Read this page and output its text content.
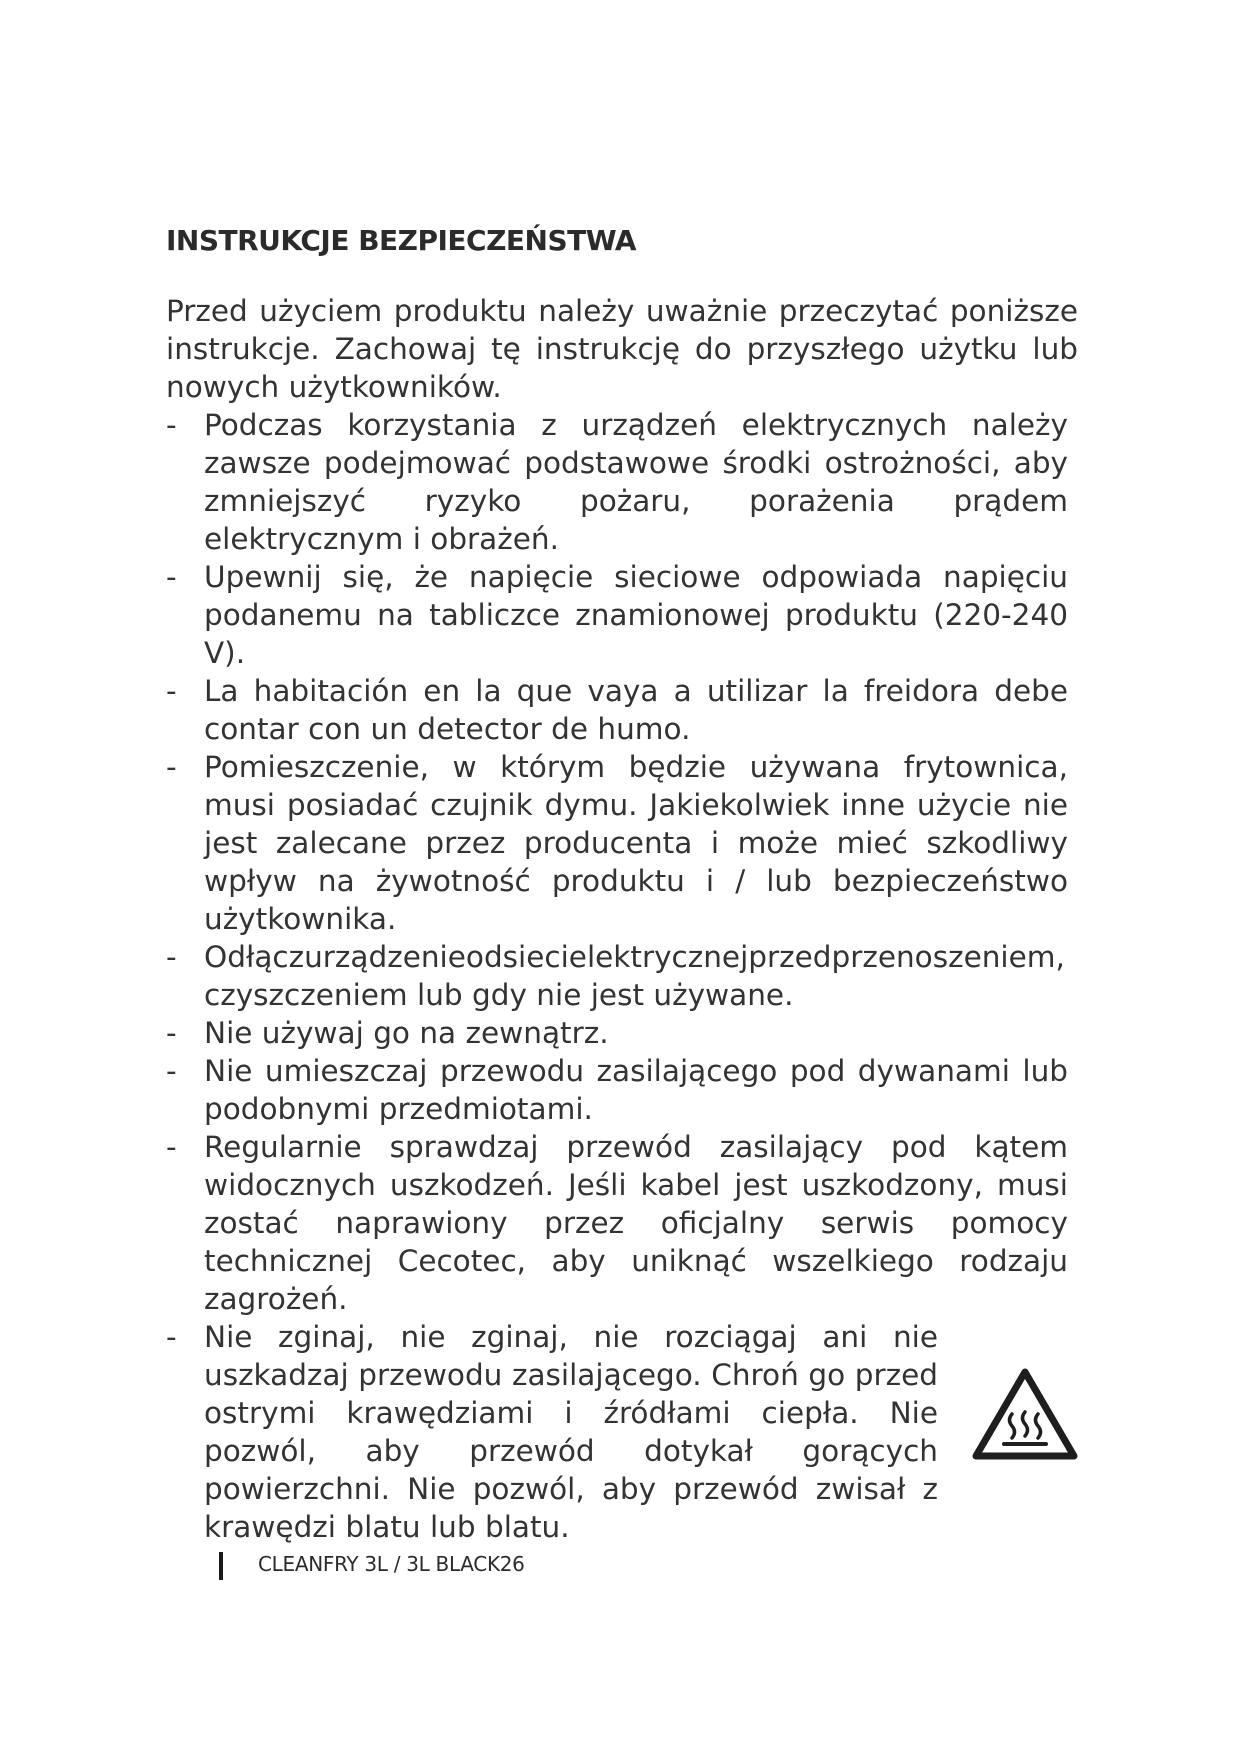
INSTRUKCJE BEZPIECZEŃSTWA

Przed użyciem produktu należy uważnie przeczytać poniższe instrukcje. Zachowaj tę instrukcję do przyszłego użytku lub nowych użytkowników.

- Podczas korzystania z urządzeń elektrycznych należy zawsze podejmować podstawowe środki ostrożności, aby zmniejszyć ryzyko pożaru, porażenia prądem elektrycznym i obrażeń.
- Upewnij się, że napięcie sieciowe odpowiada napięciu podanemu na tabliczce znamionowej produktu (220-240 V).
- La habitación en la que vaya a utilizar la freidora debe contar con un detector de humo.
- Pomieszczenie, w którym będzie używana frytownica, musi posiadać czujnik dymu. Jakiekolwiek inne użycie nie jest zalecane przez producenta i może mieć szkodliwy wpływ na żywotność produktu i / lub bezpieczeństwo użytkownika.
- Odłączurządzenieodsiecielektrycznejprzedprzenoszeniem, czyszczeniem lub gdy nie jest używane.
- Nie używaj go na zewnątrz.
- Nie umieszczaj przewodu zasilającego pod dywanami lub podobnymi przedmiotami.
- Regularnie sprawdzaj przewód zasilający pod kątem widocznych uszkodzeń. Jeśli kabel jest uszkodzony, musi zostać naprawiony przez oficjalny serwis pomocy technicznej Cecotec, aby uniknąć wszelkiego rodzaju zagrożeń.
- Nie zginaj, nie zginaj, nie rozciągaj ani nie uszkadzaj przewodu zasilającego. Chroń go przed ostrymi krawędziami i źródłami ciepła. Nie pozwól, aby przewód dotykał gorących powierzchni. Nie pozwól, aby przewód zwisał z krawędzi blatu lub blatu.
CLEANFRY 3L / 3L BLACK26
